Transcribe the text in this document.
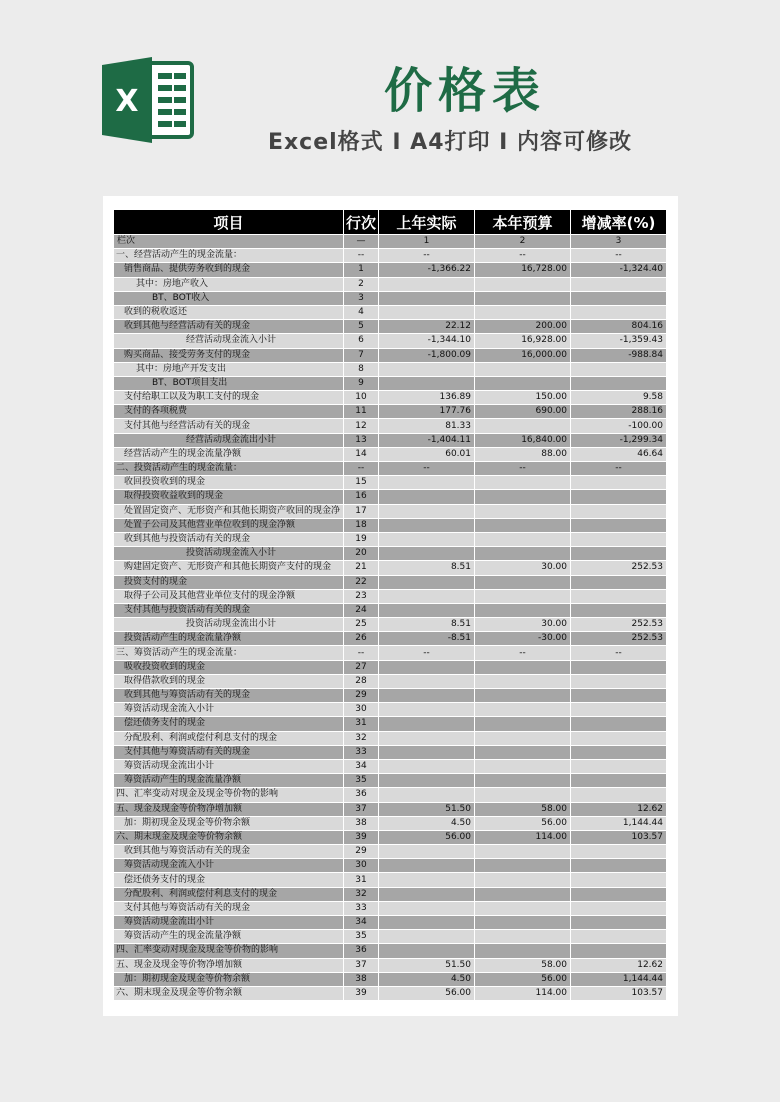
X	价格表
Excel格式 I A4打印 I 内容可修改
项目	行次	上年实际	本年预算	增减率(%)
栏次	—	1	2	3
一、经营活动产生的现金流量：	--	--	--	--
销售商品、提供劳务收到的现金	1	-1,366.22	16,728.00	-1,324.40
其中：房地产收入	2			
BT、BOT收入	3			
收到的税收返还	4			
收到其他与经营活动有关的现金	5	22.12	200.00	804.16
经营活动现金流入小计	6	-1,344.10	16,928.00	-1,359.43
购买商品、接受劳务支付的现金	7	-1,800.09	16,000.00	-988.84
其中：房地产开发支出	8			
BT、BOT项目支出	9			
支付给职工以及为职工支付的现金	10	136.89	150.00	9.58
支付的各项税费	11	177.76	690.00	288.16
支付其他与经营活动有关的现金	12	81.33		-100.00
经营活动现金流出小计	13	-1,404.11	16,840.00	-1,299.34
经营活动产生的现金流量净额	14	60.01	88.00	46.64
二、投资活动产生的现金流量：	--	--	--	--
收回投资收到的现金	15			
取得投资收益收到的现金	16			
处置固定资产、无形资产和其他长期资产收回的现金净	17			
处置子公司及其他营业单位收到的现金净额	18			
收到其他与投资活动有关的现金	19			
投资活动现金流入小计	20			
购建固定资产、无形资产和其他长期资产支付的现金	21	8.51	30.00	252.53
投资支付的现金	22			
取得子公司及其他营业单位支付的现金净额	23			
支付其他与投资活动有关的现金	24			
投资活动现金流出小计	25	8.51	30.00	252.53
投资活动产生的现金流量净额	26	-8.51	-30.00	252.53
三、筹资活动产生的现金流量：	--	--	--	--
吸收投资收到的现金	27			
取得借款收到的现金	28			
收到其他与筹资活动有关的现金	29			
筹资活动现金流入小计	30			
偿还债务支付的现金	31			
分配股利、利润或偿付利息支付的现金	32			
支付其他与筹资活动有关的现金	33			
筹资活动现金流出小计	34			
筹资活动产生的现金流量净额	35			
四、汇率变动对现金及现金等价物的影响	36			
五、现金及现金等价物净增加额	37	51.50	58.00	12.62
加：期初现金及现金等价物余额	38	4.50	56.00	1,144.44
六、期末现金及现金等价物余额	39	56.00	114.00	103.57
收到其他与筹资活动有关的现金	29			
筹资活动现金流入小计	30			
偿还债务支付的现金	31			
分配股利、利润或偿付利息支付的现金	32			
支付其他与筹资活动有关的现金	33			
筹资活动现金流出小计	34			
筹资活动产生的现金流量净额	35			
四、汇率变动对现金及现金等价物的影响	36			
五、现金及现金等价物净增加额	37	51.50	58.00	12.62
加：期初现金及现金等价物余额	38	4.50	56.00	1,144.44
六、期末现金及现金等价物余额	39	56.00	114.00	103.57
